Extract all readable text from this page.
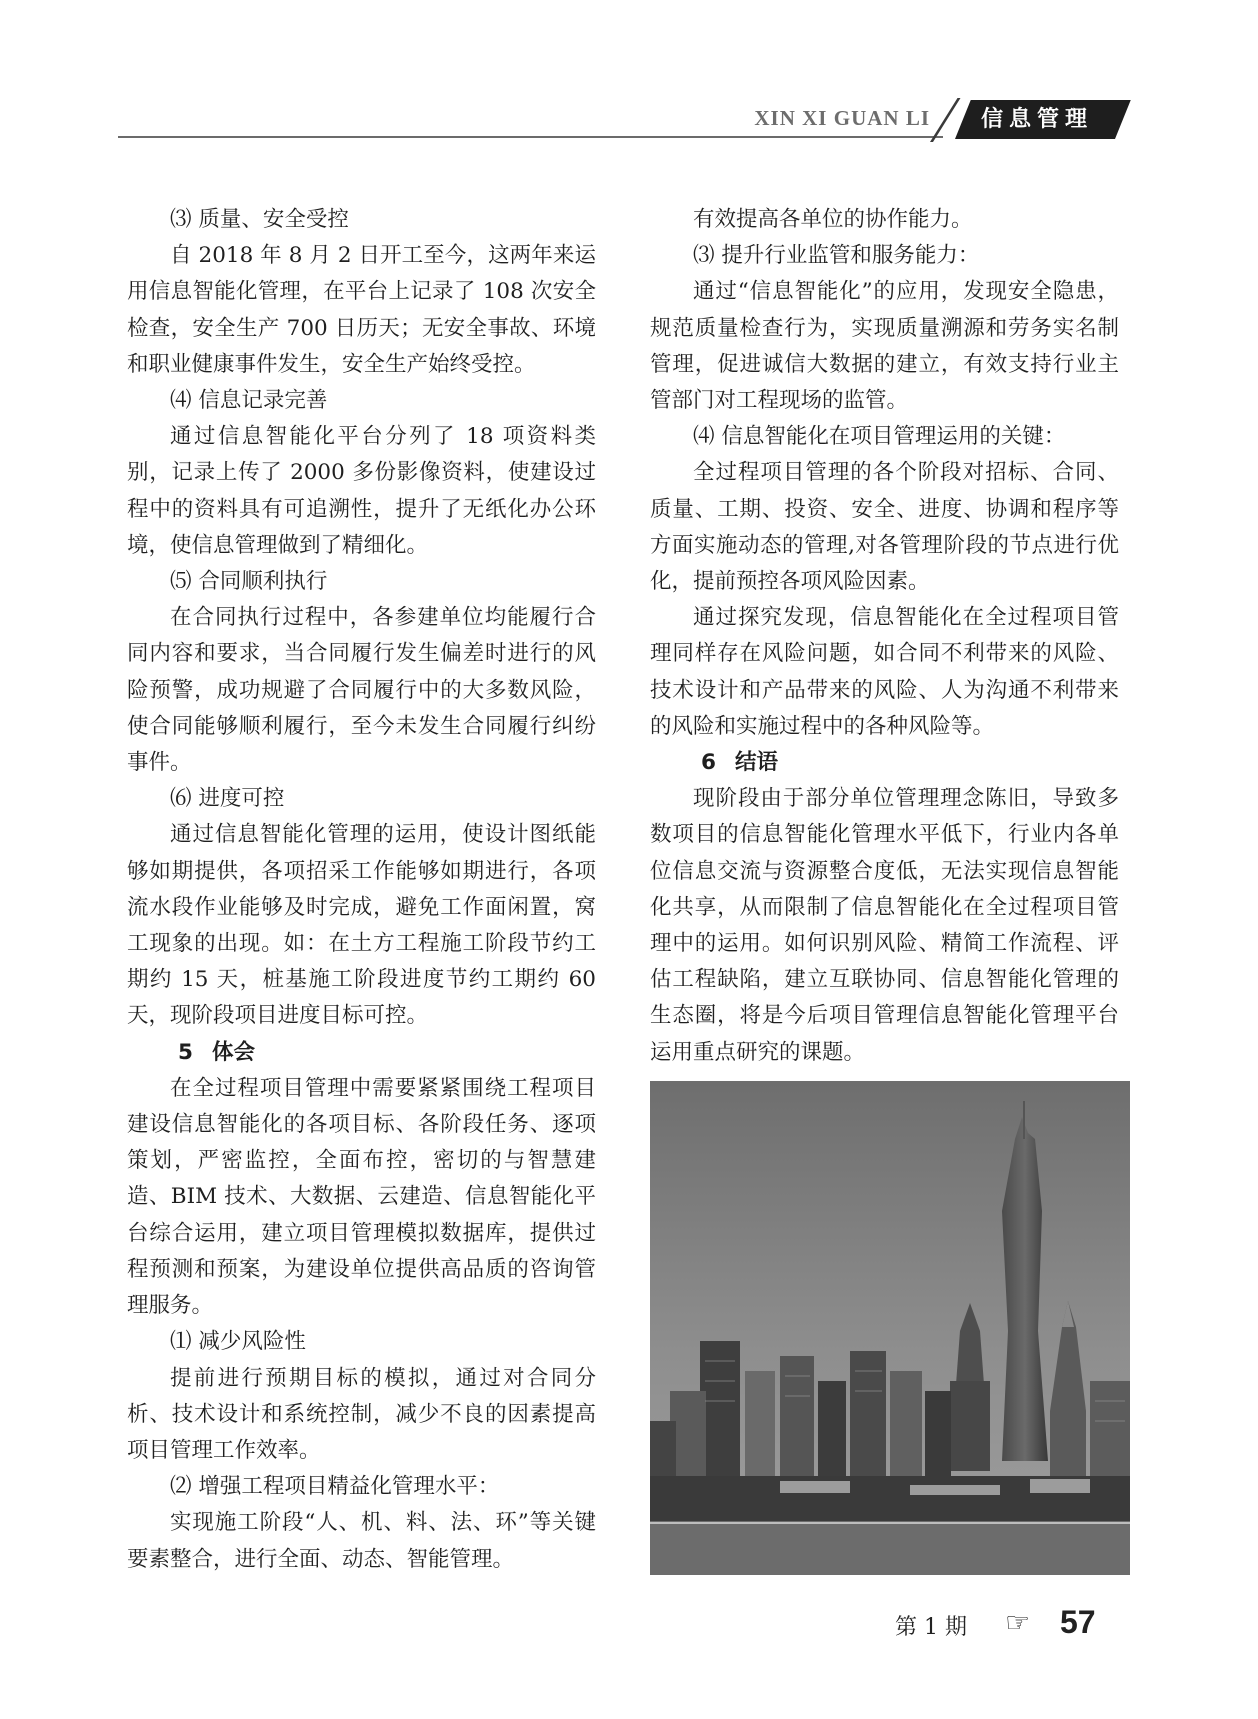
XIN XI GUAN LI	信息管理

⑶ 质量、安全受控

自 2018 年 8 月 2 日开工至今，这两年来运用信息智能化管理，在平台上记录了 108 次安全检查，安全生产 700 日历天；无安全事故、环境和职业健康事件发生，安全生产始终受控。

⑷ 信息记录完善

通过信息智能化平台分列了 18 项资料类别，记录上传了 2000 多份影像资料，使建设过程中的资料具有可追溯性，提升了无纸化办公环境，使信息管理做到了精细化。

⑸ 合同顺利执行

在合同执行过程中，各参建单位均能履行合同内容和要求，当合同履行发生偏差时进行的风险预警，成功规避了合同履行中的大多数风险，使合同能够顺利履行，至今未发生合同履行纠纷事件。

⑹ 进度可控

通过信息智能化管理的运用，使设计图纸能够如期提供，各项招采工作能够如期进行，各项流水段作业能够及时完成，避免工作面闲置，窝工现象的出现。如：在土方工程施工阶段节约工期约 15 天，桩基施工阶段进度节约工期约 60 天，现阶段项目进度目标可控。

5 体会

在全过程项目管理中需要紧紧围绕工程项目建设信息智能化的各项目标、各阶段任务、逐项策划，严密监控，全面布控，密切的与智慧建造、BIM 技术、大数据、云建造、信息智能化平台综合运用，建立项目管理模拟数据库，提供过程预测和预案，为建设单位提供高品质的咨询管理服务。

⑴ 减少风险性

提前进行预期目标的模拟，通过对合同分析、技术设计和系统控制，减少不良的因素提高项目管理工作效率。

⑵ 增强工程项目精益化管理水平：

实现施工阶段“人、机、料、法、环”等关键要素整合，进行全面、动态、智能管理。

有效提高各单位的协作能力。

⑶ 提升行业监管和服务能力：

通过“信息智能化”的应用，发现安全隐患，规范质量检查行为，实现质量溯源和劳务实名制管理，促进诚信大数据的建立，有效支持行业主管部门对工程现场的监管。

⑷ 信息智能化在项目管理运用的关键：

全过程项目管理的各个阶段对招标、合同、质量、工期、投资、安全、进度、协调和程序等方面实施动态的管理,对各管理阶段的节点进行优化，提前预控各项风险因素。

通过探究发现，信息智能化在全过程项目管理同样存在风险问题，如合同不利带来的风险、技术设计和产品带来的风险、人为沟通不利带来的风险和实施过程中的各种风险等。

6 结语

现阶段由于部分单位管理理念陈旧，导致多数项目的信息智能化管理水平低下，行业内各单位信息交流与资源整合度低，无法实现信息智能化共享，从而限制了信息智能化在全过程项目管理中的运用。如何识别风险、精简工作流程、评估工程缺陷，建立互联协同、信息智能化管理的生态圈，将是今后项目管理信息智能化管理平台运用重点研究的课题。

第 1 期 ☞ 57
